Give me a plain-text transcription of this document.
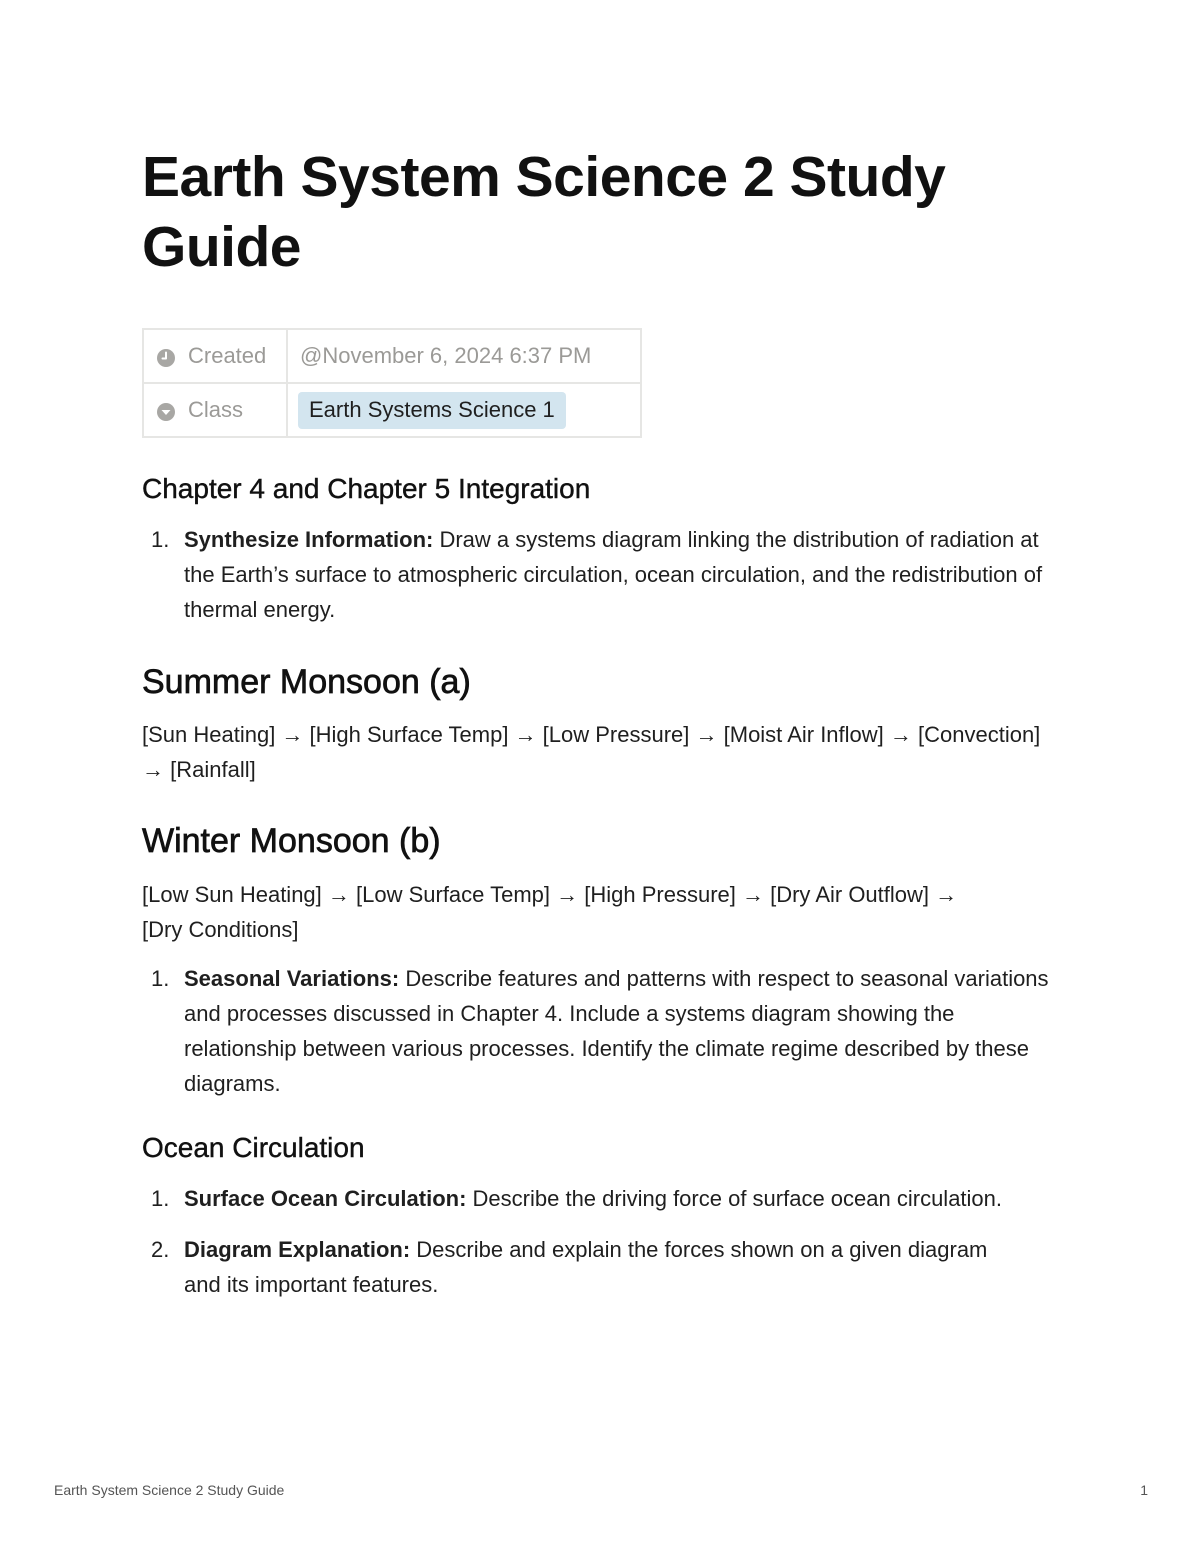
Earth System Science 2 Study Guide
Created	@November 6, 2024 6:37 PM

Class	Earth Systems Science 1
Chapter 4 and Chapter 5 Integration
1. Synthesize Information: Draw a systems diagram linking the distribution of radiation at the Earth’s surface to atmospheric circulation, ocean circulation, and the redistribution of thermal energy.
Summer Monsoon (a)

[Sun Heating] → [High Surface Temp] → [Low Pressure] → [Moist Air Inflow] → [Convection] → [Rainfall]

Winter Monsoon (b)

[Low Sun Heating] → [Low Surface Temp] → [High Pressure] → [Dry Air Outflow] → [Dry Conditions]

1. Seasonal Variations: Describe features and patterns with respect to seasonal variations and processes discussed in Chapter 4. Include a systems diagram showing the relationship between various processes. Identify the climate regime described by these diagrams.
Ocean Circulation
1. Surface Ocean Circulation: Describe the driving force of surface ocean circulation.
2. Diagram Explanation: Describe and explain the forces shown on a given diagram and its important features.
Earth System Science 2 Study Guide	1
